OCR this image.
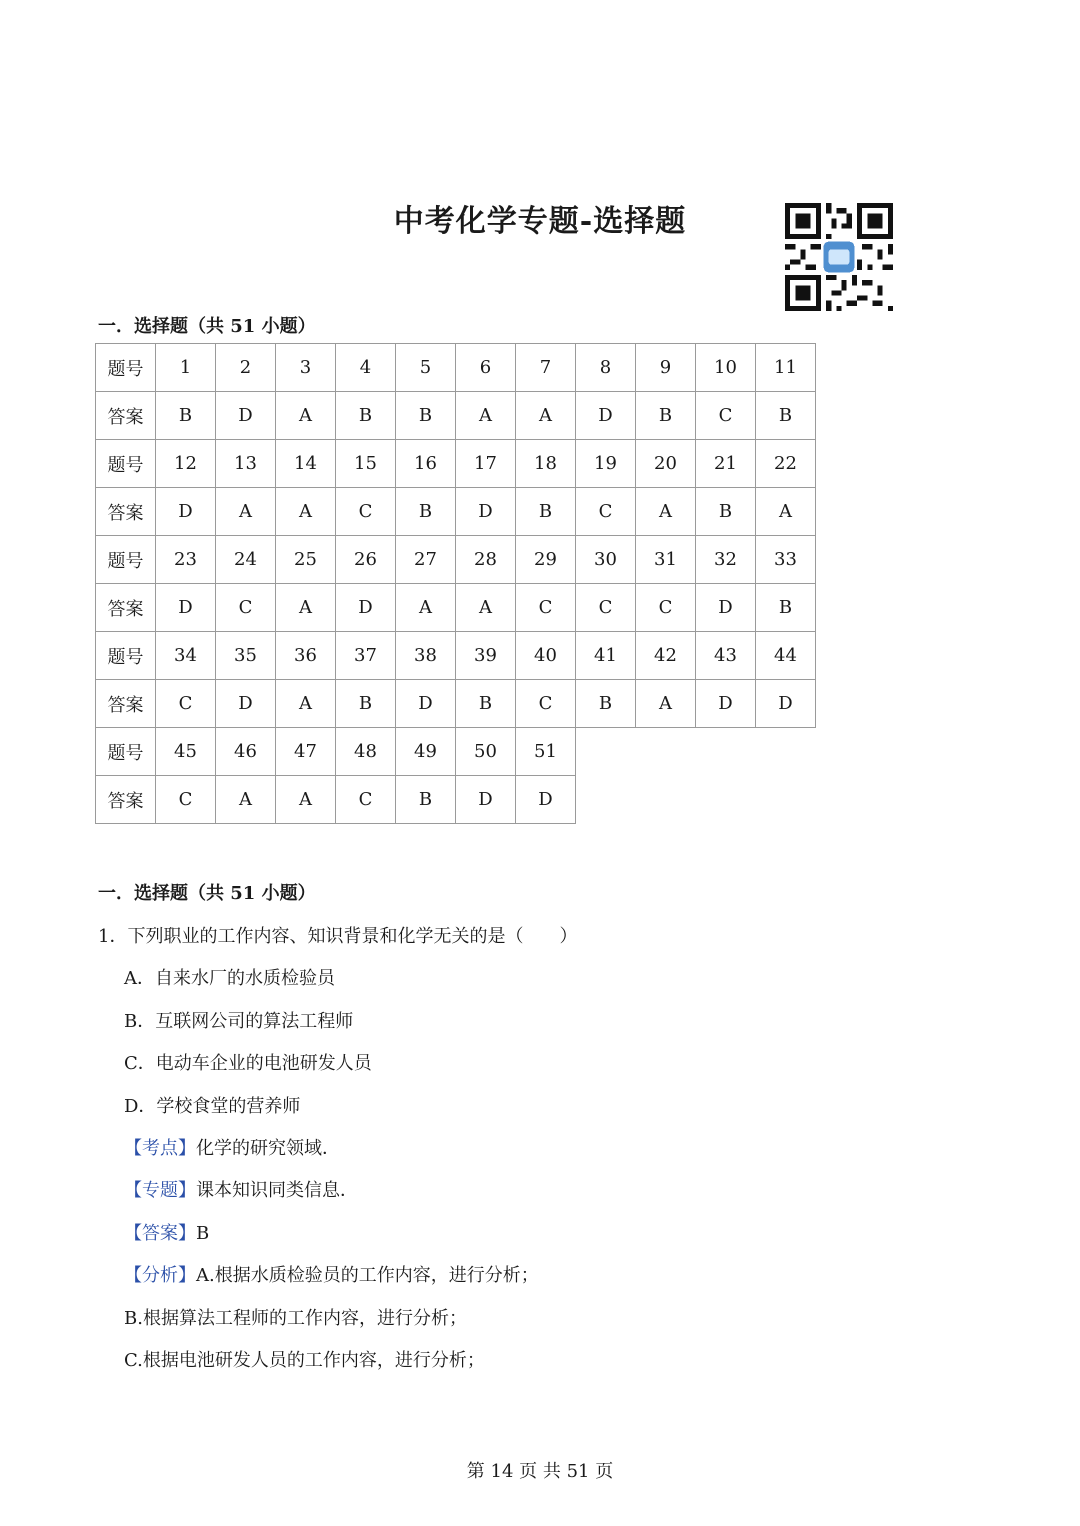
中考化学专题-选择题
一．选择题（共 51 小题）
题号	1	2	3	4	5	6	7	8	9	10	11
答案	B	D	A	B	B	A	A	D	B	C	B
题号	12	13	14	15	16	17	18	19	20	21	22
答案	D	A	A	C	B	D	B	C	A	B	A
题号	23	24	25	26	27	28	29	30	31	32	33
答案	D	C	A	D	A	A	C	C	C	D	B
题号	34	35	36	37	38	39	40	41	42	43	44
答案	C	D	A	B	D	B	C	B	A	D	D
题号	45	46	47	48	49	50	51				
答案	C	A	A	C	B	D	D				
一．选择题（共 51 小题）
1．下列职业的工作内容、知识背景和化学无关的是（　　）
A．自来水厂的水质检验员
B．互联网公司的算法工程师
C．电动车企业的电池研发人员
D．学校食堂的营养师
【考点】化学的研究领域．
【专题】课本知识同类信息．
【答案】B
【分析】A.根据水质检验员的工作内容，进行分析；
B.根据算法工程师的工作内容，进行分析；
C.根据电池研发人员的工作内容，进行分析；
第 14 页 共 51 页
